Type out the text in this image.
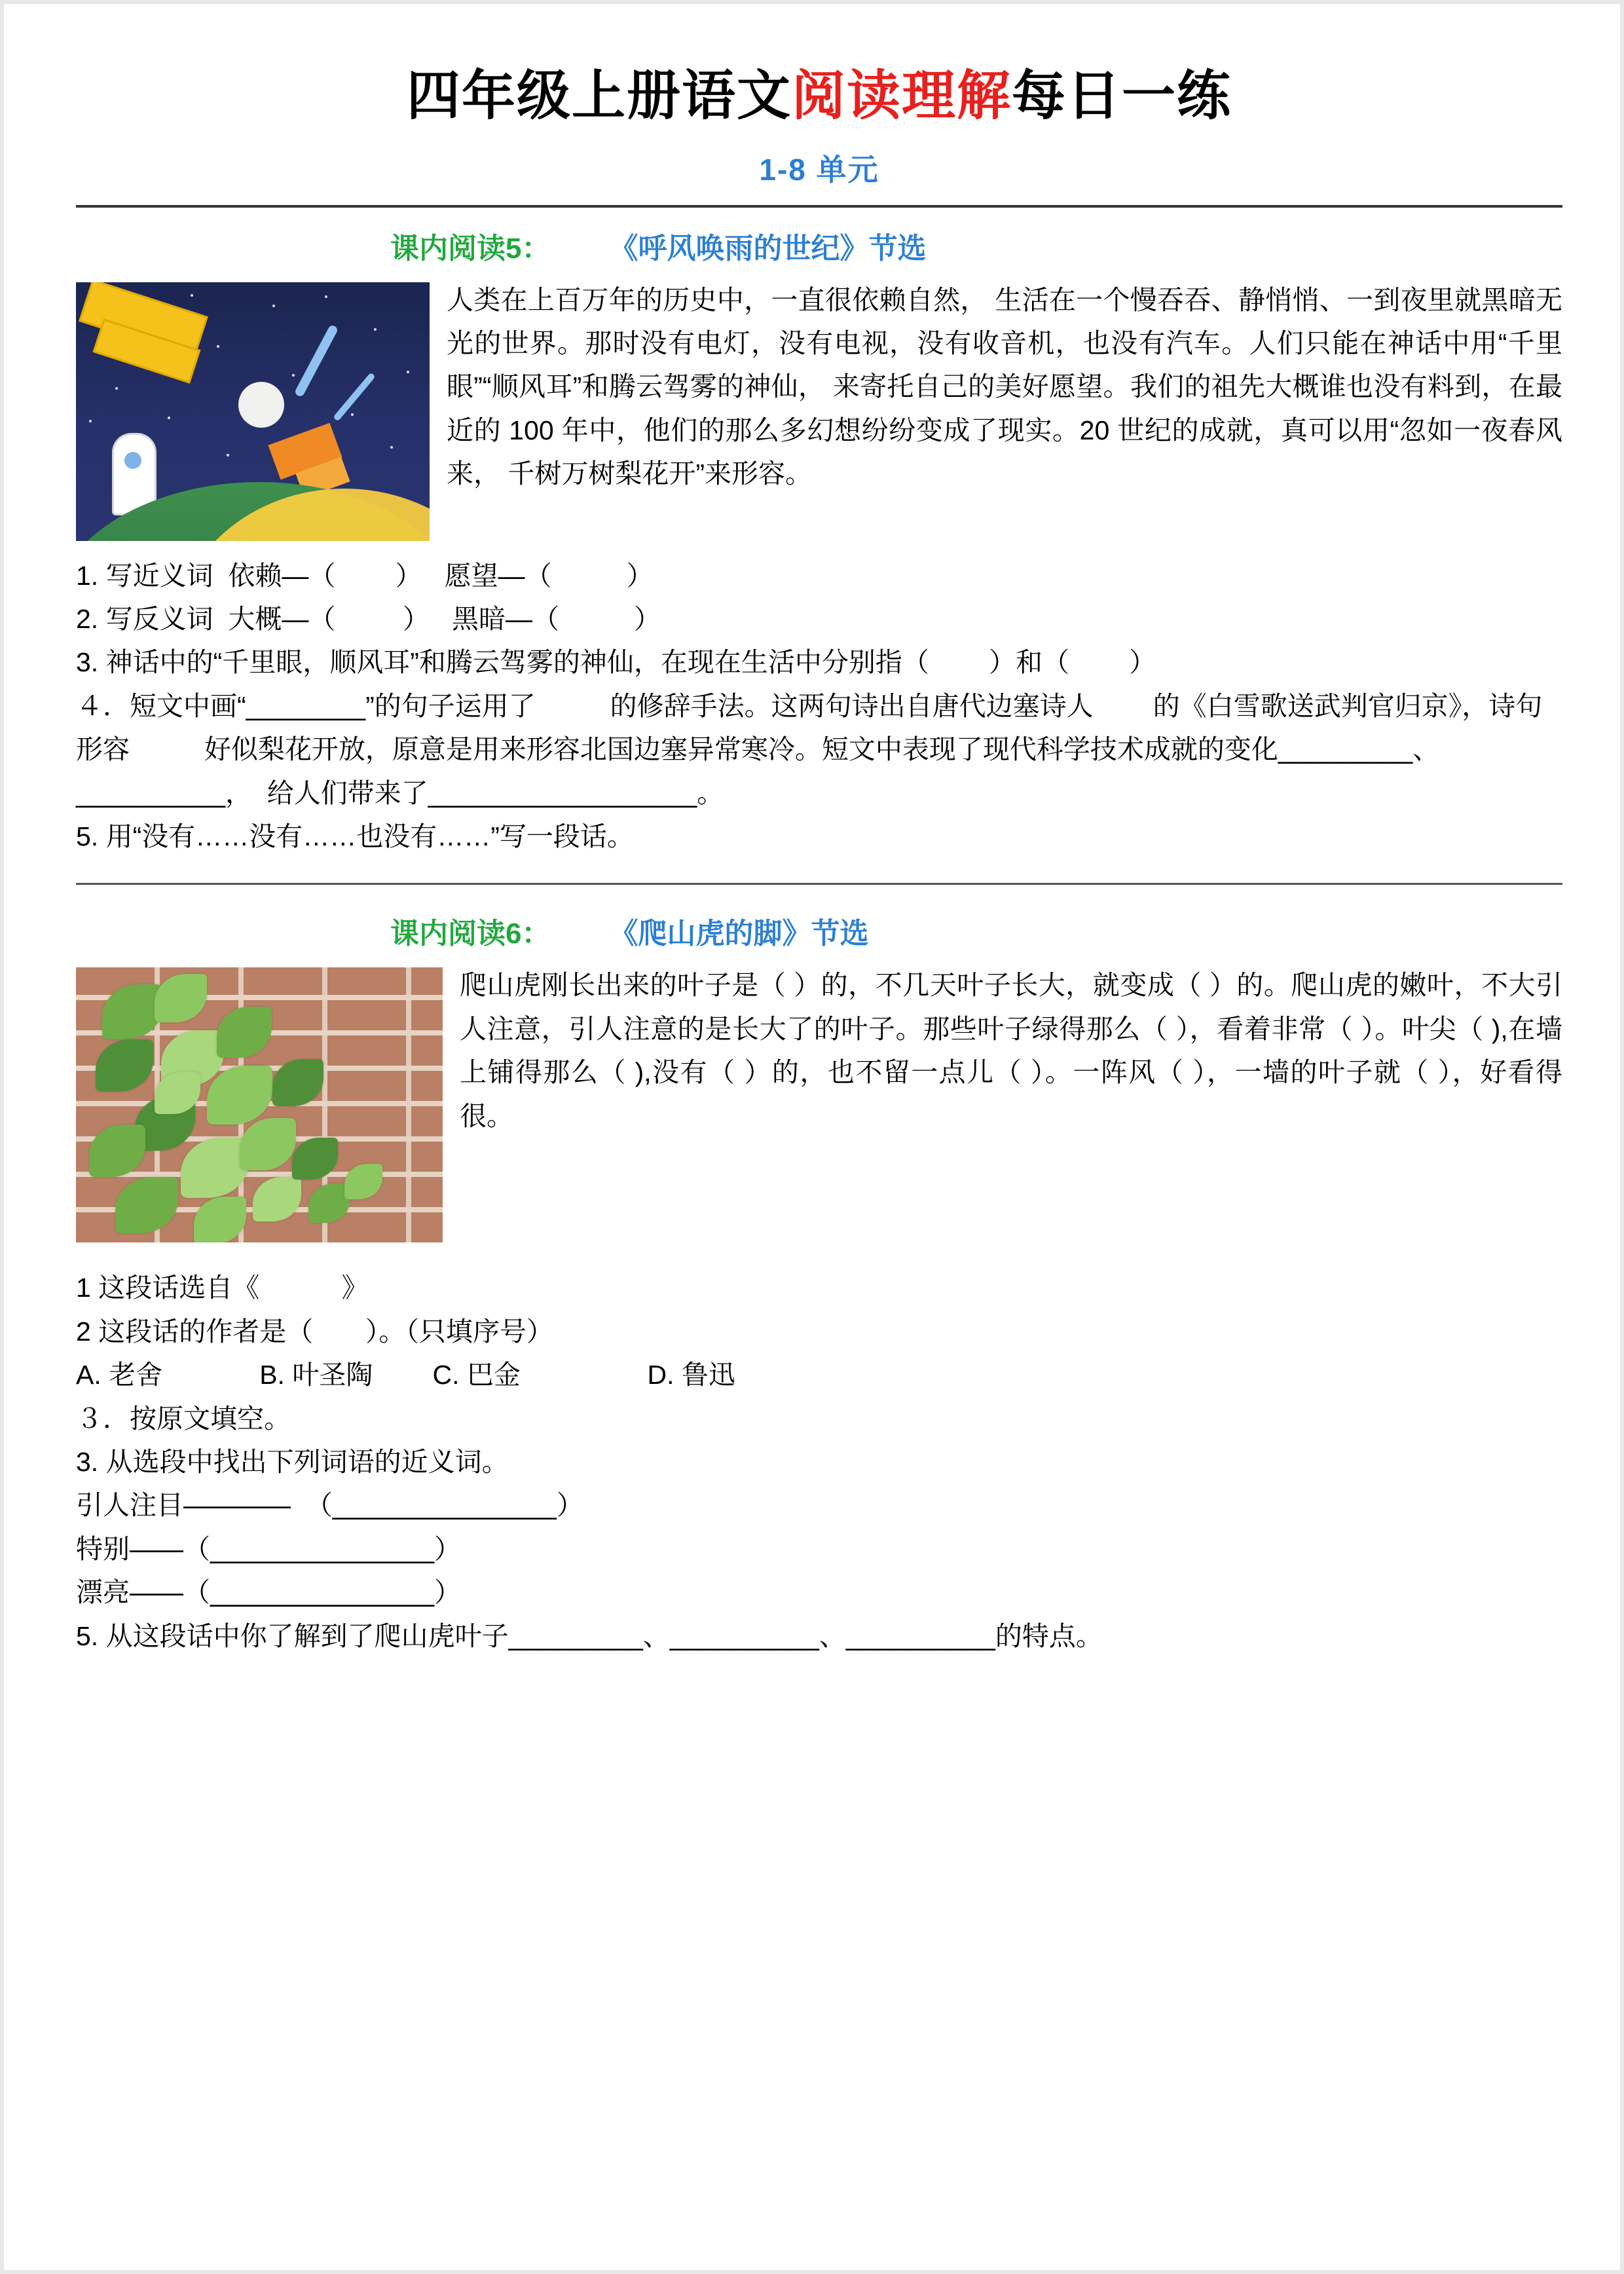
四年级上册语文阅读理解每日一练
1-8 单元
课内阅读5： 《呼风唤雨的世纪》节选

人类在上百万年的历史中，一直很依赖自然， 生活在一个慢吞吞、静悄悄、一到夜里就黑暗无光的世界。那时没有电灯，没有电视，没有收音机，也没有汽车。人们只能在神话中用“千里眼”“顺风耳”和腾云驾雾的神仙， 来寄托自己的美好愿望。我们的祖先大概谁也没有料到，在最近的 100 年中，他们的那么多幻想纷纷变成了现实。20 世纪的成就，真可以用“忽如一夜春风来， 千树万树梨花开”来形容。

1. 写近义词  依赖—（        ）   愿望—（          ）

2. 写反义词  大概—（         ）   黑暗—（          ）

3. 神话中的“千里眼，顺风耳”和腾云驾雾的神仙，在现在生活中分别指（        ）和（        ）

４．短文中画“________”的句子运用了          的修辞手法。这两句诗出自唐代边塞诗人        的《白雪歌送武判官归京》，诗句形容          好似梨花开放，原意是用来形容北国边塞异常寒冷。短文中表现了现代科学技术成就的变化_________、__________，  给人们带来了__________________。

5. 用“没有……没有……也没有……”写一段话。

课内阅读6： 《爬山虎的脚》节选

爬山虎刚长出来的叶子是（ ）的，不几天叶子长大，就变成（ ）的。爬山虎的嫩叶，不大引人注意，引人注意的是长大了的叶子。那些叶子绿得那么（ ），看着非常（ ）。叶尖（ ),在墙上铺得那么（ ),没有（ ）的，也不留一点儿（ ）。一阵风（ ），一墙的叶子就（ ），好看得很。

1 这段话选自《           》

2 这段话的作者是（       ）。（只填序号）

A. 老舍             B. 叶圣陶        C. 巴金                 D. 鲁迅

３．按原文填空。

3. 从选段中找出下列词语的近义词。

引人注目————  （_______________）

特别——（_______________）

漂亮——（_______________）

5. 从这段话中你了解到了爬山虎叶子_________、__________、__________的特点。
